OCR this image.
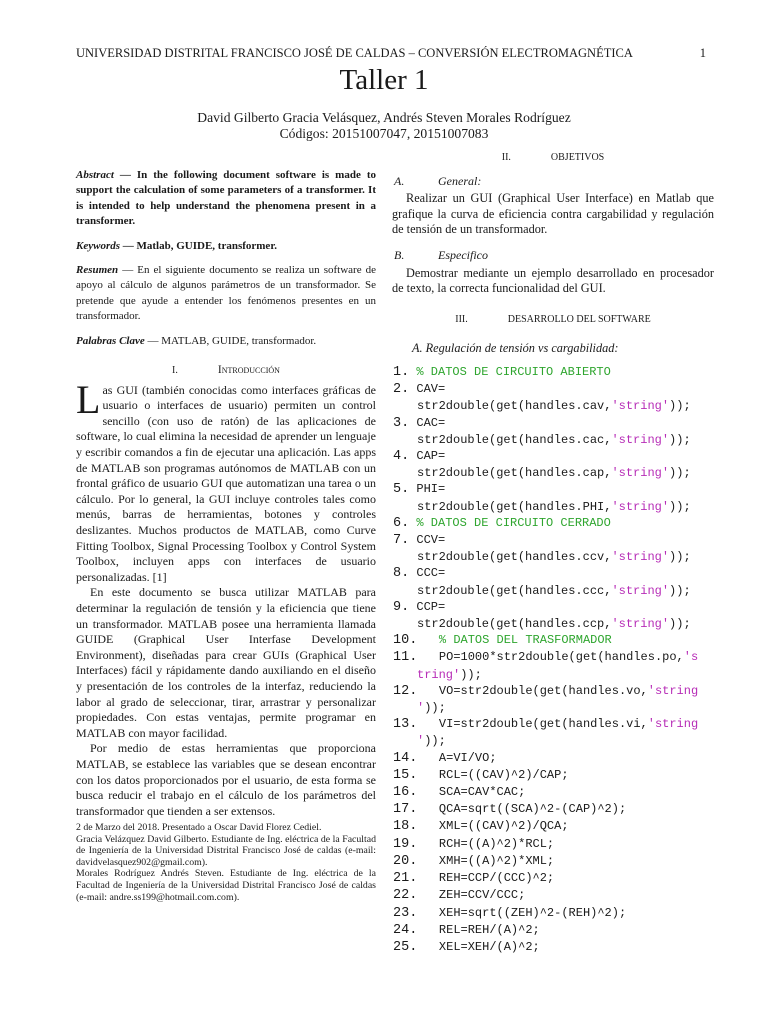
UNIVERSIDAD DISTRITAL FRANCISCO JOSÉ DE CALDAS – CONVERSIÓN ELECTROMAGNÉTICA	1
Taller 1
David Gilberto Gracia Velásquez, Andrés Steven Morales Rodríguez
Códigos: 20151007047, 20151007083

Abstract — In the following document software is made to support the calculation of some parameters of a transformer. It is intended to help understand the phenomena present in a transformer.

Keywords — Matlab, GUIDE, transformer.

Resumen — En el siguiente documento se realiza un software de apoyo al cálculo de algunos parámetros de un transformador. Se pretende que ayude a entender los fenómenos presentes en un transformador.

Palabras Clave — MATLAB, GUIDE, transformador.

I.	Introducción

Las GUI (también conocidas como interfaces gráficas de usuario o interfaces de usuario) permiten un control sencillo (con uso de ratón) de las aplicaciones de software, lo cual elimina la necesidad de aprender un lenguaje y escribir comandos a fin de ejecutar una aplicación. Las apps de MATLAB son programas autónomos de MATLAB con un frontal gráfico de usuario GUI que automatizan una tarea o un cálculo. Por lo general, la GUI incluye controles tales como menús, barras de herramientas, botones y controles deslizantes. Muchos productos de MATLAB, como Curve Fitting Toolbox, Signal Processing Toolbox y Control System Toolbox, incluyen apps con interfaces de usuario personalizadas. [1]

En este documento se busca utilizar MATLAB para determinar la regulación de tensión y la eficiencia que tiene un transformador. MATLAB posee una herramienta llamada GUIDE (Graphical User Interfase Development Environment), diseñadas para crear GUIs (Graphical User Interfaces) fácil y rápidamente dando auxiliando en el diseño y presentación de los controles de la interfaz, reduciendo la labor al grado de seleccionar, tirar, arrastrar y personalizar propiedades. Con estas ventajas, permite programar en MATLAB con mayor facilidad.

Por medio de estas herramientas que proporciona MATLAB, se establece las variables que se desean encontrar con los datos proporcionados por el usuario, de esta forma se busca reducir el trabajo en el cálculo de los parámetros del transformador que tienden a ser extensos.

2 de Marzo del 2018. Presentado a Oscar David Florez Cediel.
Gracia Velázquez David Gilberto. Estudiante de Ing. eléctrica de la Facultad de Ingeniería de la Universidad Distrital Francisco José de caldas (e-mail: davidvelasquez902@gmail.com).
Morales Rodríguez Andrés Steven. Estudiante de Ing. eléctrica de la Facultad de Ingeniería de la Universidad Distrital Francisco José de caldas (e-mail: andre.ss199@hotmail.com.com).

II.	OBJETIVOS

A.	General:

Realizar un GUI (Graphical User Interface) en Matlab que grafique la curva de eficiencia contra cargabilidad y regulación de tensión de un transformador.

B.	Especifico

Demostrar mediante un ejemplo desarrollado en procesador de texto, la correcta funcionalidad del GUI.

III.	DESARROLLO DEL SOFTWARE

A. Regulación de tensión vs cargabilidad:
1. % DATOS DE CIRCUITO ABIERTO
2. CAV=
str2double(get(handles.cav,'string'));
3. CAC=
str2double(get(handles.cac,'string'));
4. CAP=
str2double(get(handles.cap,'string'));
5. PHI=
str2double(get(handles.PHI,'string'));
6. % DATOS DE CIRCUITO CERRADO
7. CCV=
str2double(get(handles.ccv,'string'));
8. CCC=
str2double(get(handles.ccc,'string'));
9. CCP=
str2double(get(handles.ccp,'string'));
10. % DATOS DEL TRASFORMADOR
11.   PO=1000*str2double(get(handles.po,'s
tring'));
12.   VO=str2double(get(handles.vo,'string
'));
13.   VI=str2double(get(handles.vi,'string
'));
14.   A=VI/VO;
15.   RCL=((CAV)^2)/CAP;
16.   SCA=CAV*CAC;
17.   QCA=sqrt((SCA)^2-(CAP)^2);
18.   XML=((CAV)^2)/QCA;
19.   RCH=((A)^2)*RCL;
20.   XMH=((A)^2)*XML;
21.   REH=CCP/(CCC)^2;
22.   ZEH=CCV/CCC;
23.   XEH=sqrt((ZEH)^2-(REH)^2);
24.   REL=REH/(A)^2;
25.   XEL=XEH/(A)^2;
